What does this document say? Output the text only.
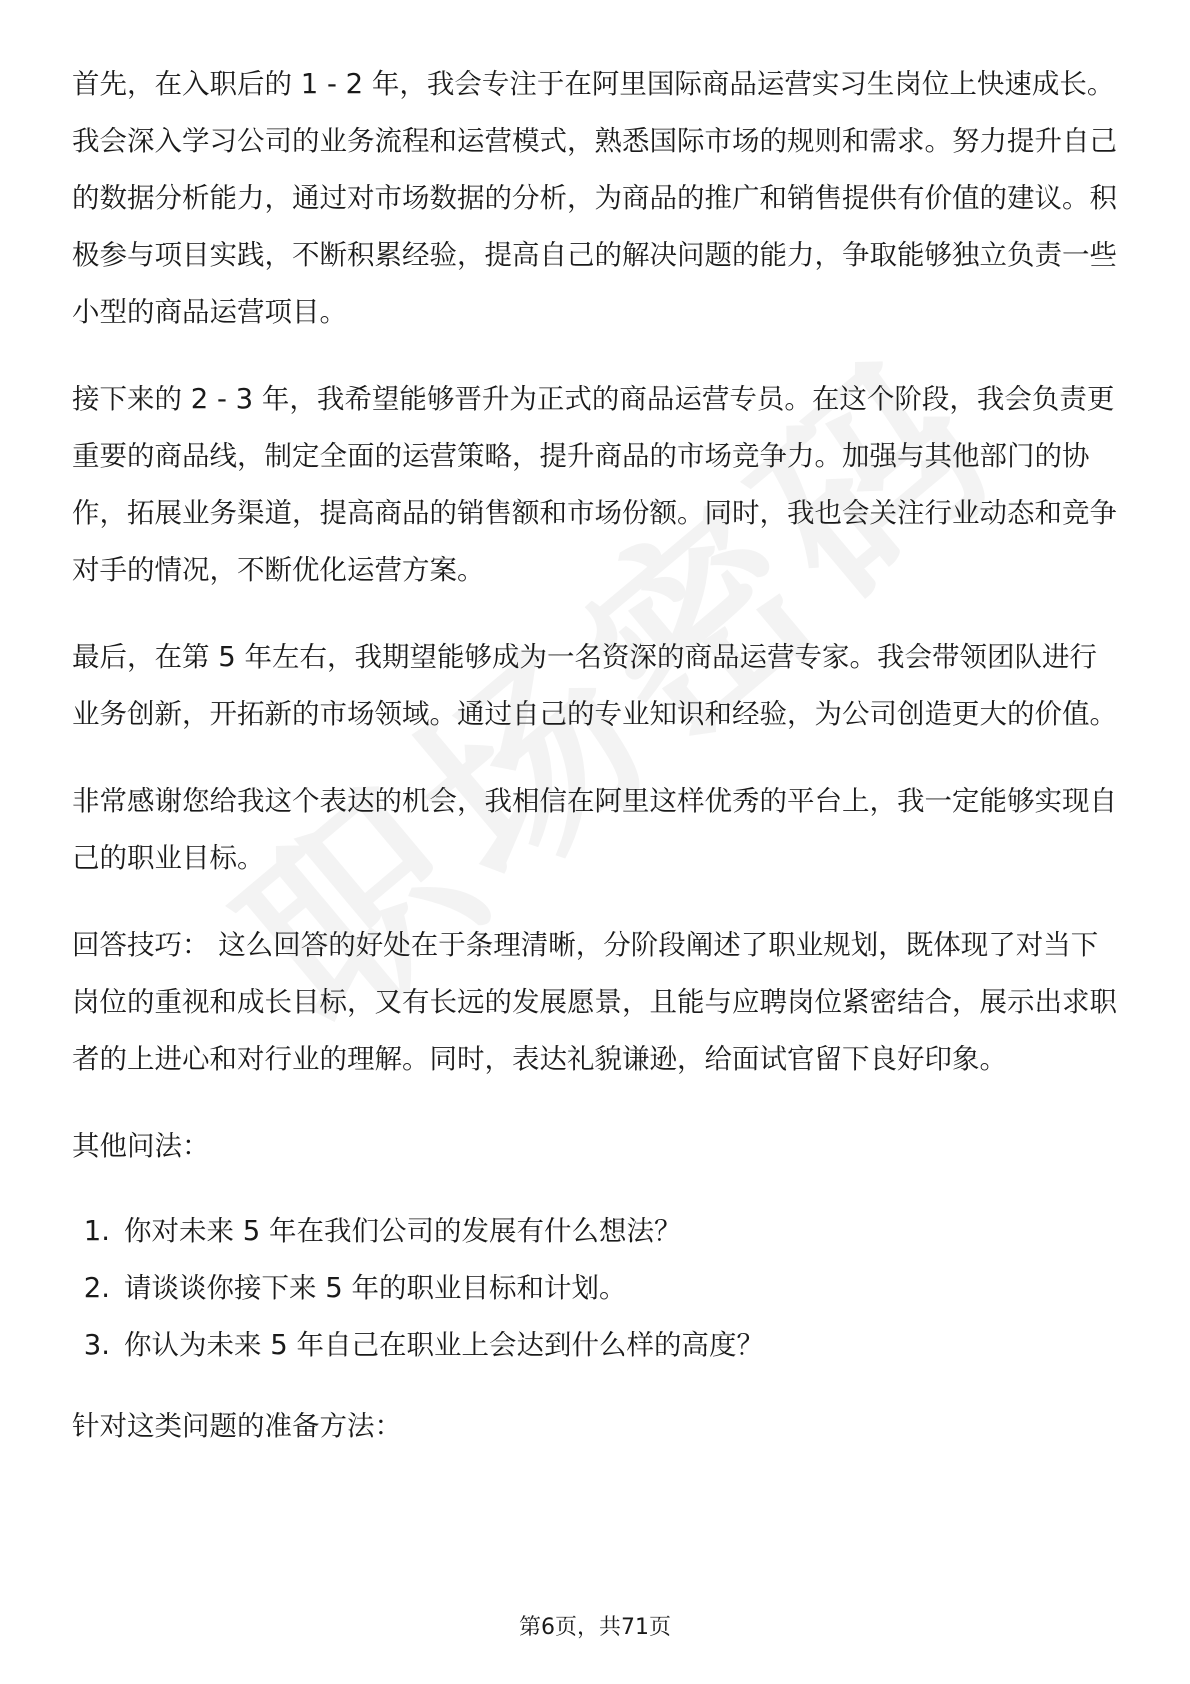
首先，在入职后的 1 - 2 年，我会专注于在阿里国际商品运营实习生岗位上快速成长。我会深入学习公司的业务流程和运营模式，熟悉国际市场的规则和需求。努力提升自己的数据分析能力，通过对市场数据的分析，为商品的推广和销售提供有价值的建议。积极参与项目实践，不断积累经验，提高自己的解决问题的能力，争取能够独立负责一些小型的商品运营项目。

接下来的 2 - 3 年，我希望能够晋升为正式的商品运营专员。在这个阶段，我会负责更重要的商品线，制定全面的运营策略，提升商品的市场竞争力。加强与其他部门的协作，拓展业务渠道，提高商品的销售额和市场份额。同时，我也会关注行业动态和竞争对手的情况，不断优化运营方案。

最后，在第 5 年左右，我期望能够成为一名资深的商品运营专家。我会带领团队进行业务创新，开拓新的市场领域。通过自己的专业知识和经验，为公司创造更大的价值。

非常感谢您给我这个表达的机会，我相信在阿里这样优秀的平台上，我一定能够实现自己的职业目标。

回答技巧： 这么回答的好处在于条理清晰，分阶段阐述了职业规划，既体现了对当下岗位的重视和成长目标，又有长远的发展愿景，且能与应聘岗位紧密结合，展示出求职者的上进心和对行业的理解。同时，表达礼貌谦逊，给面试官留下良好印象。

其他问法：

1. 你对未来 5 年在我们公司的发展有什么想法？
2. 请谈谈你接下来 5 年的职业目标和计划。
3. 你认为未来 5 年自己在职业上会达到什么样的高度？

针对这类问题的准备方法：

第6页，共71页
